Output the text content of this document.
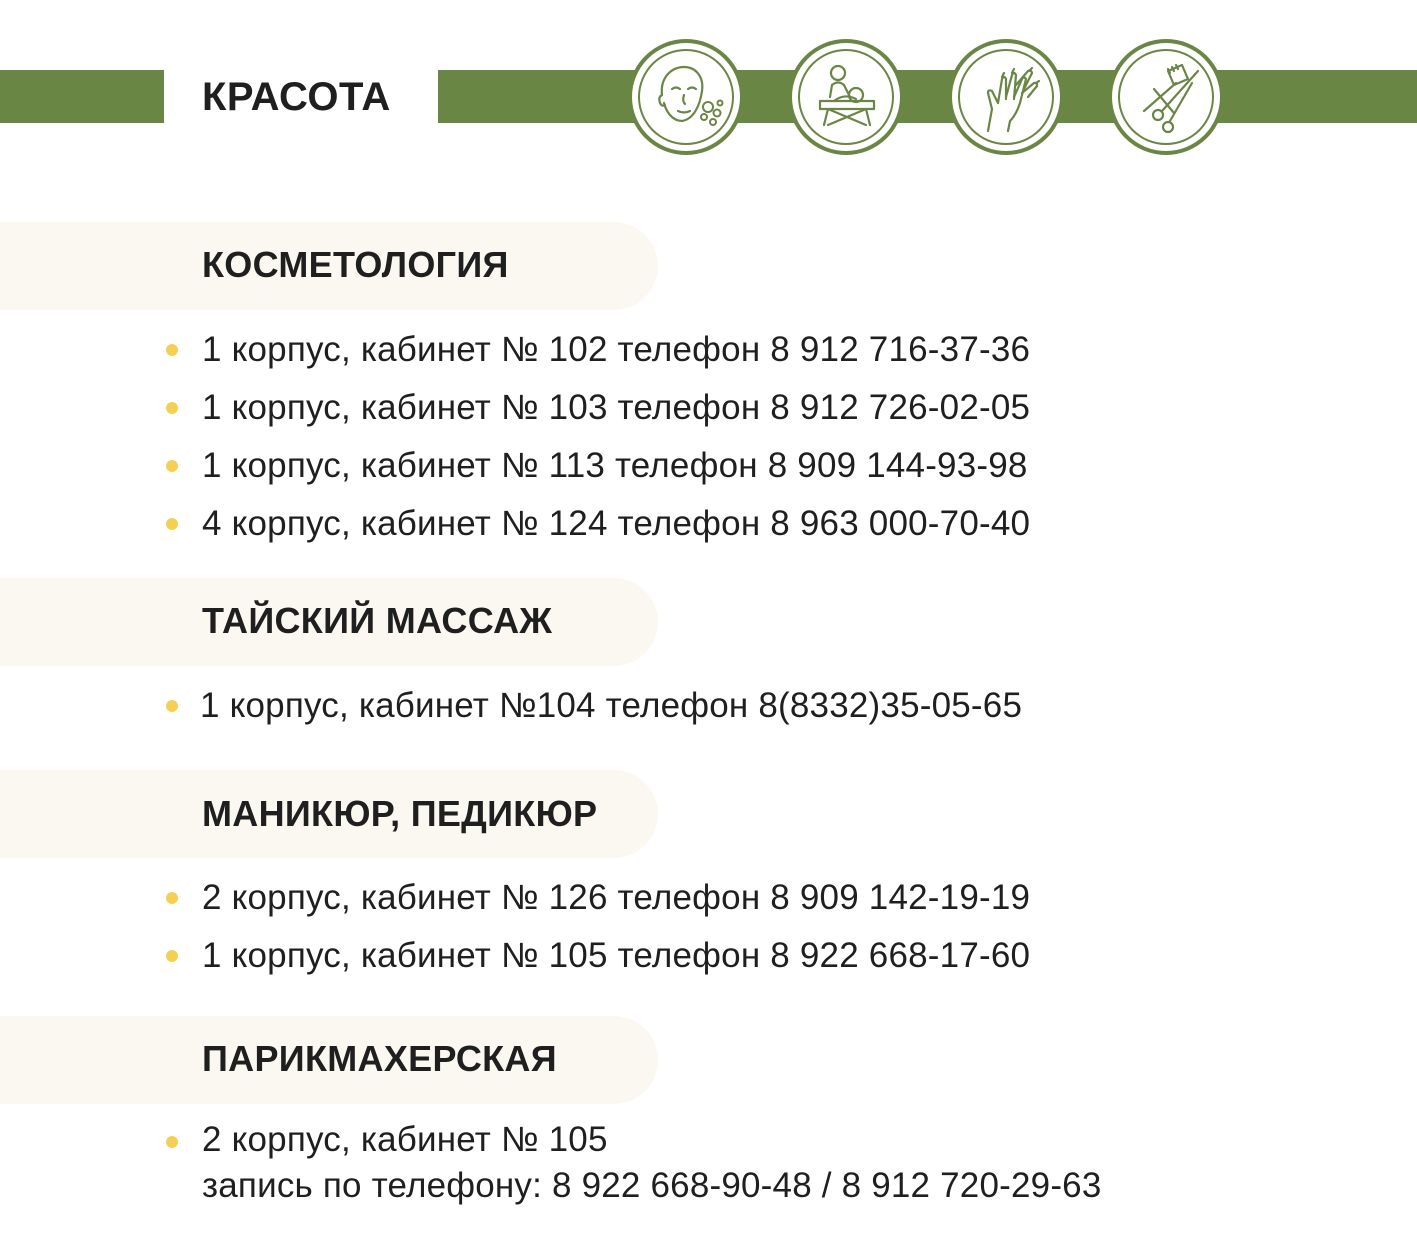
КРАСОТА
КОСМЕТОЛОГИЯ
1 корпус, кабинет № 102 телефон 8 912 716-37-36
1 корпус, кабинет № 103 телефон 8 912 726-02-05
1 корпус, кабинет № 113 телефон 8 909 144-93-98
4 корпус, кабинет № 124 телефон 8 963 000-70-40
ТАЙСКИЙ МАССАЖ
1 корпус, кабинет №104 телефон 8(8332)35-05-65
МАНИКЮР, ПЕДИКЮР
2 корпус, кабинет № 126 телефон 8 909 142-19-19
1 корпус, кабинет № 105 телефон 8 922 668-17-60
ПАРИКМАХЕРСКАЯ
2 корпус, кабинет № 105
запись по телефону: 8 922 668-90-48 / 8 912 720-29-63
